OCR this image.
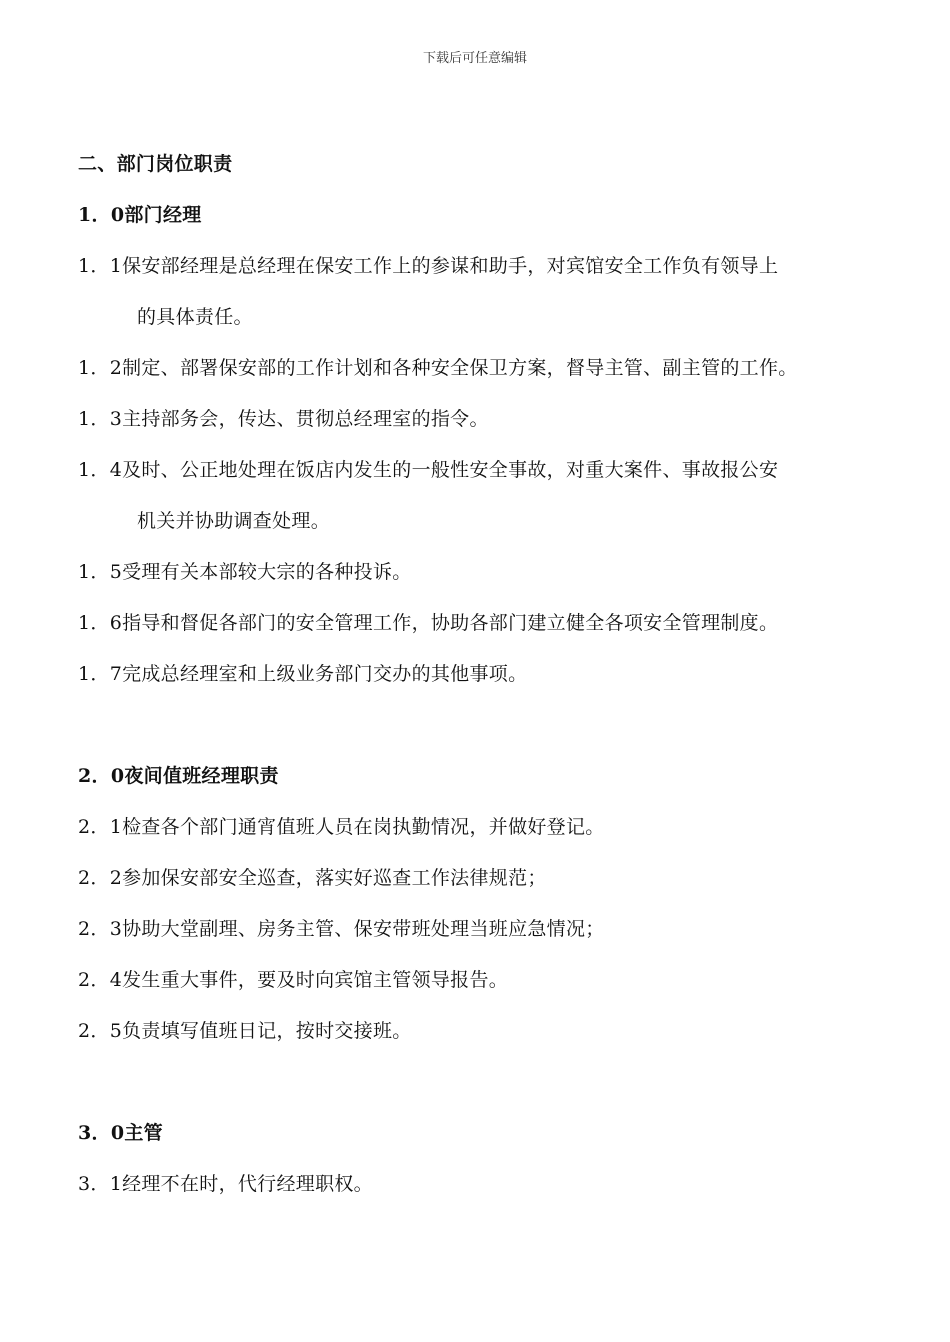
下载后可任意编辑
二、部门岗位职责
1．0部门经理
1．1保安部经理是总经理在保安工作上的参谋和助手，对宾馆安全工作负有领导上
的具体责任。
1．2制定、部署保安部的工作计划和各种安全保卫方案，督导主管、副主管的工作。
1．3主持部务会，传达、贯彻总经理室的指令。
1．4及时、公正地处理在饭店内发生的一般性安全事故，对重大案件、事故报公安
机关并协助调查处理。
1．5受理有关本部较大宗的各种投诉。
1．6指导和督促各部门的安全管理工作，协助各部门建立健全各项安全管理制度。
1．7完成总经理室和上级业务部门交办的其他事项。
2．0夜间值班经理职责
2．1检查各个部门通宵值班人员在岗执勤情况，并做好登记。
2．2参加保安部安全巡查，落实好巡查工作法律规范；
2．3协助大堂副理、房务主管、保安带班处理当班应急情况；
2．4发生重大事件，要及时向宾馆主管领导报告。
2．5负责填写值班日记，按时交接班。
3．0主管
3．1经理不在时，代行经理职权。
